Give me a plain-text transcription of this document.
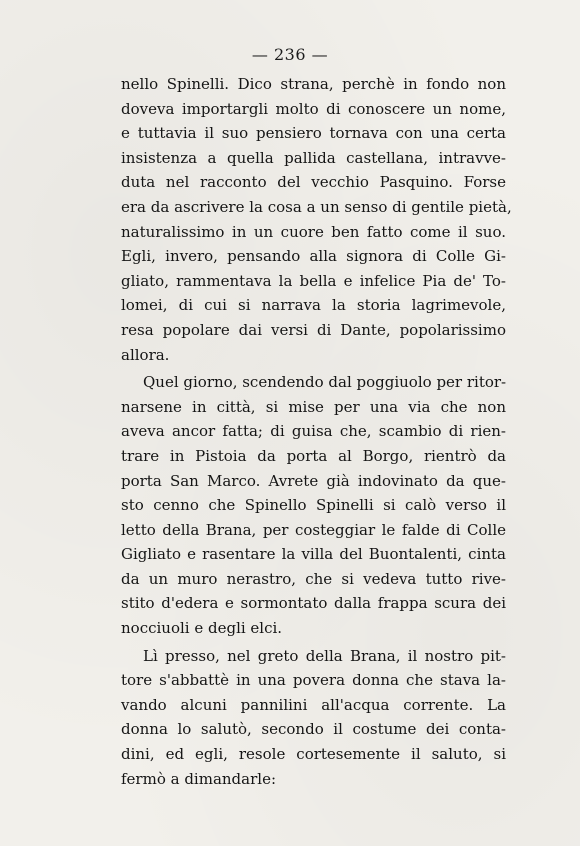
— 236 —
nello Spinelli. Dico strana, perchè in fondo non
doveva importargli molto di conoscere un nome,
e tuttavia il suo pensiero tornava con una certa
insistenza a quella pallida castellana, intravve-
duta nel racconto del vecchio Pasquino. Forse
era da ascrivere la cosa a un senso di gentile pietà,
naturalissimo in un cuore ben fatto come il suo.
Egli, invero, pensando alla signora di Colle Gi-
gliato, rammentava la bella e infelice Pia de' To-
lomei, di cui si narrava la storia lagrimevole,
resa popolare dai versi di Dante, popolarissimo
allora.
Quel giorno, scendendo dal poggiuolo per ritor-
narsene in città, si mise per una via che non
aveva ancor fatta; di guisa che, scambio di rien-
trare in Pistoia da porta al Borgo, rientrò da
porta San Marco. Avrete già indovinato da que-
sto cenno che Spinello Spinelli si calò verso il
letto della Brana, per costeggiar le falde di Colle
Gigliato e rasentare la villa del Buontalenti, cinta
da un muro nerastro, che si vedeva tutto rive-
stito d'edera e sormontato dalla frappa scura dei
nocciuoli e degli elci.
Lì presso, nel greto della Brana, il nostro pit-
tore s'abbattè in una povera donna che stava la-
vando alcuni pannilini all'acqua corrente. La
donna lo salutò, secondo il costume dei conta-
dini, ed egli, resole cortesemente il saluto, si
fermò a dimandarle:
